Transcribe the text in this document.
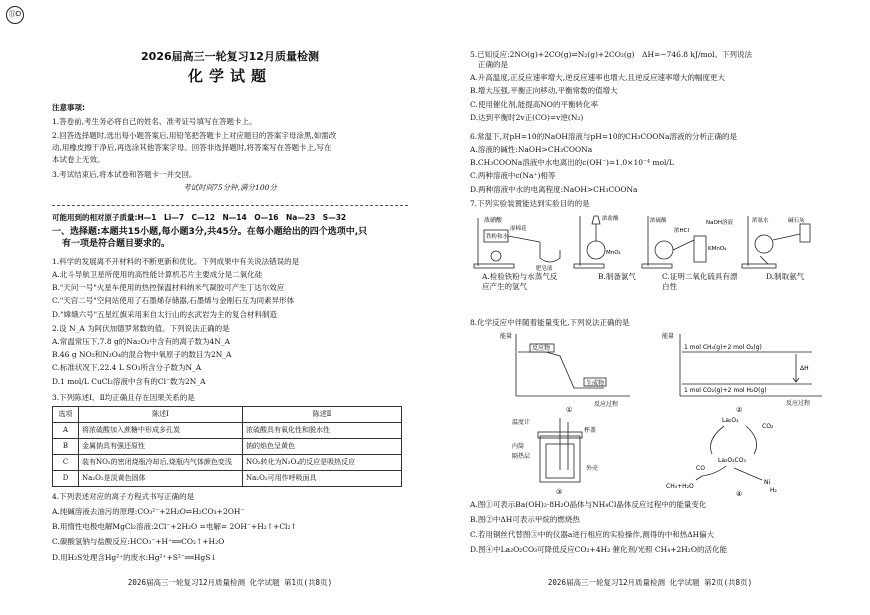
⑪D
2026届高三一轮复习12月质量检测
化学试题
注意事项:
1.答卷前,考生务必将自己的姓名、准考证号填写在答题卡上。
2.回答选择题时,选出每小题答案后,用铅笔把答题卡上对应题目的答案字母涂黑,如需改
动,用橡皮擦干净后,再选涂其他答案字母。回答非选择题时,将答案写在答题卡上,写在
本试卷上无效。
3.考试结束后,将本试卷和答题卡一并交回。
考试时间75分钟,满分100分
可能用到的相对原子质量:H—1　Li—7　C—12　N—14　O—16　Na—23　S—32
一、选择题:本题共15小题,每小题3分,共45分。在每小题给出的四个选项中,只
有一项是符合题目要求的。
1.科学的发展离不开材料的不断更新和优化。下列成果中有关说法错误的是
A.北斗导航卫星所使用的高性能计算机芯片主要成分是二氧化硅
B."天问一号"火星车使用的热控保温材料纳米气凝胶可产生丁达尔效应
C."天宫二号"空间站使用了石墨烯存储器,石墨烯与金刚石互为同素异形体
D."嫦娥六号"五星红旗采用来自太行山的玄武岩为主的复合材料制造
2.设 N_A 为阿伏加德罗常数的值。下列说法正确的是
A.常温常压下,7.8 g的Na₂O₂中含有的离子数为4N_A
B.46 g NO₂和N₂O₄的混合物中氧原子的数目为2N_A
C.标准状况下,22.4 L SO₃所含分子数为N_A
D.1 mol/L CuCl₂溶液中含有的Cl⁻数为2N_A
3.下列陈述Ⅰ、Ⅱ均正确且存在因果关系的是
选项	陈述Ⅰ	陈述Ⅱ
A	将浓硫酸加入蔗糖中形成多孔炭	浓硫酸具有氧化性和脱水性
B	金属钠具有强还原性	钠的焰色呈黄色
C	装有NO₂的密闭烧瓶冷却后,烧瓶内气体颜色变浅	NO₂转化为N₂O₄的反应是吸热反应
D	Na₂O₂是淡黄色固体	Na₂O₂可用作呼吸面具
4.下列表述对应的离子方程式书写正确的是
A.纯碱溶液去油污的原理:CO₃²⁻+2H₂O⇌H₂CO₃+2OH⁻
B.用惰性电极电解MgCl₂溶液:2Cl⁻+2H₂O =电解= 2OH⁻+H₂↑+Cl₂↑
C.碳酸氢钠与盐酸反应:HCO₃⁻+H⁺══CO₂↑+H₂O
D.用H₂S处理含Hg²⁺的废水:Hg²⁺+S²⁻══HgS↓
2026届高三一轮复习12月质量检测 化学试题 第1页(共8页)
5.已知反应:2NO(g)+2CO(g)⇌N₂(g)+2CO₂(g)　ΔH=−746.8 kJ/mol。下列说法
正确的是
A.升高温度,正反应速率增大,逆反应速率也增大,且逆反应速率增大的幅度更大
B.增大压强,平衡正向移动,平衡常数的值增大
C.使用催化剂,能提高NO的平衡转化率
D.达到平衡时2v正(CO)=v逆(N₂)
6.常温下,对pH=10的NaOH溶液与pH=10的CH₃COONa溶液的分析正确的是
A.溶液的碱性:NaOH>CH₃COONa
B.CH₃COONa溶液中水电离出的c(OH⁻)=1.0×10⁻⁴ mol/L
C.两种溶液中c(Na⁺)相等
D.两种溶液中水的电离程度:NaOH>CH₃COONa
7.下列实验装置能达到实验目的的是
浓硝酸
铁粉和水
湿棉花
肥皂液
浓盐酸
MnO₂
浓硫酸
浓HCl
NaOH溶液
KMnO₄
浓氨水	碱石灰
A.检验铁粉与水蒸气反应产生的氢气
B.制备氯气	C.证明二氧化硫具有漂白性
D.制取氨气
8.化学反应中伴随着能量变化,下列说法正确的是
能量
反应物
生成物
反应过程
①
能量
1 mol CH₄(g)+2 mol O₂(g)
1 mol CO₂(g)+2 mol H₂O(g)
ΔH
反应过程
②
温度计
内筒
隔热层
杯盖
外壳
③
La₂O₃
CO₂
La₂O₂CO₃
CO
CH₄+H₂O
Ni
H₂
④
A.图①可表示Ba(OH)₂·8H₂O晶体与NH₄Cl晶体反应过程中的能量变化
B.图②中ΔH可表示甲烷的燃烧热
C.若用铜丝代替图③中的仪器a进行相应的实验操作,测得的中和热ΔH偏大
D.图④中La₂O₂CO₃可降低反应CO₂+4H₂ 催化剂/光照 CH₄+2H₂O的活化能
2026届高三一轮复习12月质量检测 化学试题 第2页(共8页)
